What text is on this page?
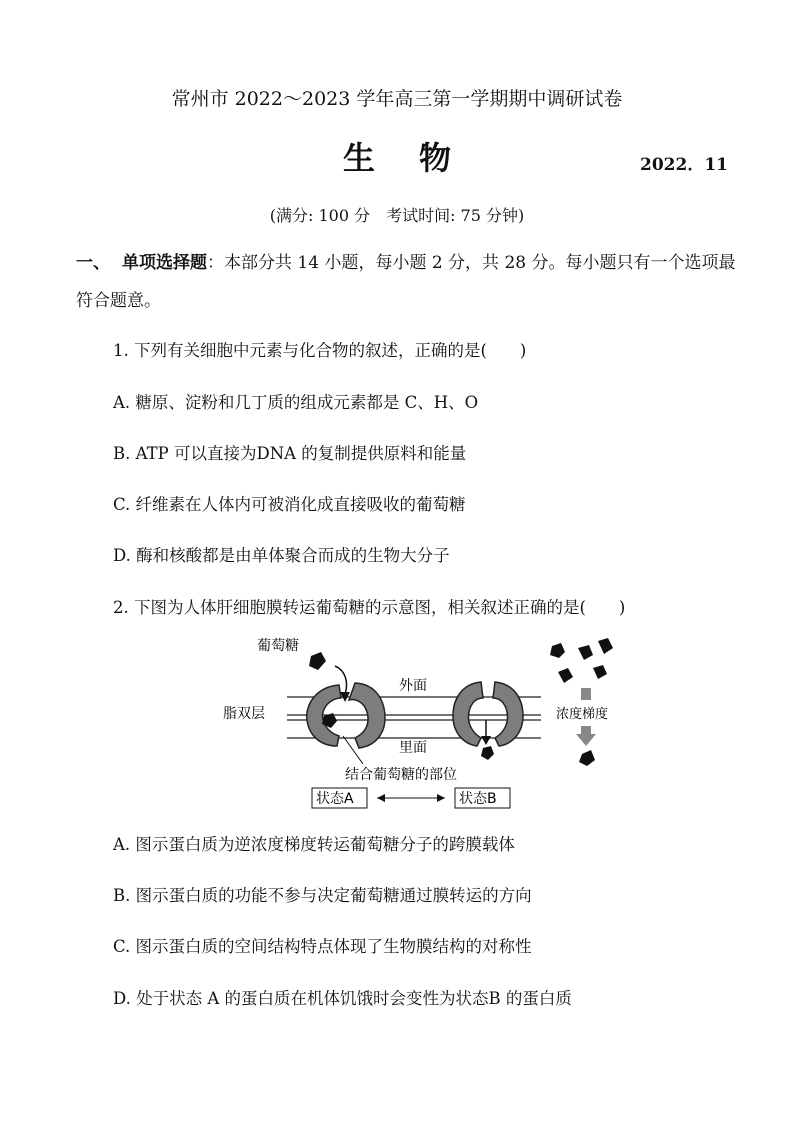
常州市 2022～2023 学年高三第一学期期中调研试卷
生物	2022．11
(满分: 100 分　考试时间: 75 分钟)
一、 单项选择题：本部分共 14 小题，每小题 2 分，共 28 分。每小题只有一个选项最符合题意。
1. 下列有关细胞中元素与化合物的叙述，正确的是(　　)
A. 糖原、淀粉和几丁质的组成元素都是 C、H、O
B. ATP 可以直接为DNA 的复制提供原料和能量
C. 纤维素在人体内可被消化成直接吸收的葡萄糖
D. 酶和核酸都是由单体聚合而成的生物大分子
2. 下图为人体肝细胞膜转运葡萄糖的示意图，相关叙述正确的是(　　)
葡萄糖
外面
脂双层	浓度梯度
里面
结合葡萄糖的部位
状态A	状态B
A. 图示蛋白质为逆浓度梯度转运葡萄糖分子的跨膜载体
B. 图示蛋白质的功能不参与决定葡萄糖通过膜转运的方向
C. 图示蛋白质的空间结构特点体现了生物膜结构的对称性
D. 处于状态 A 的蛋白质在机体饥饿时会变性为状态B 的蛋白质
